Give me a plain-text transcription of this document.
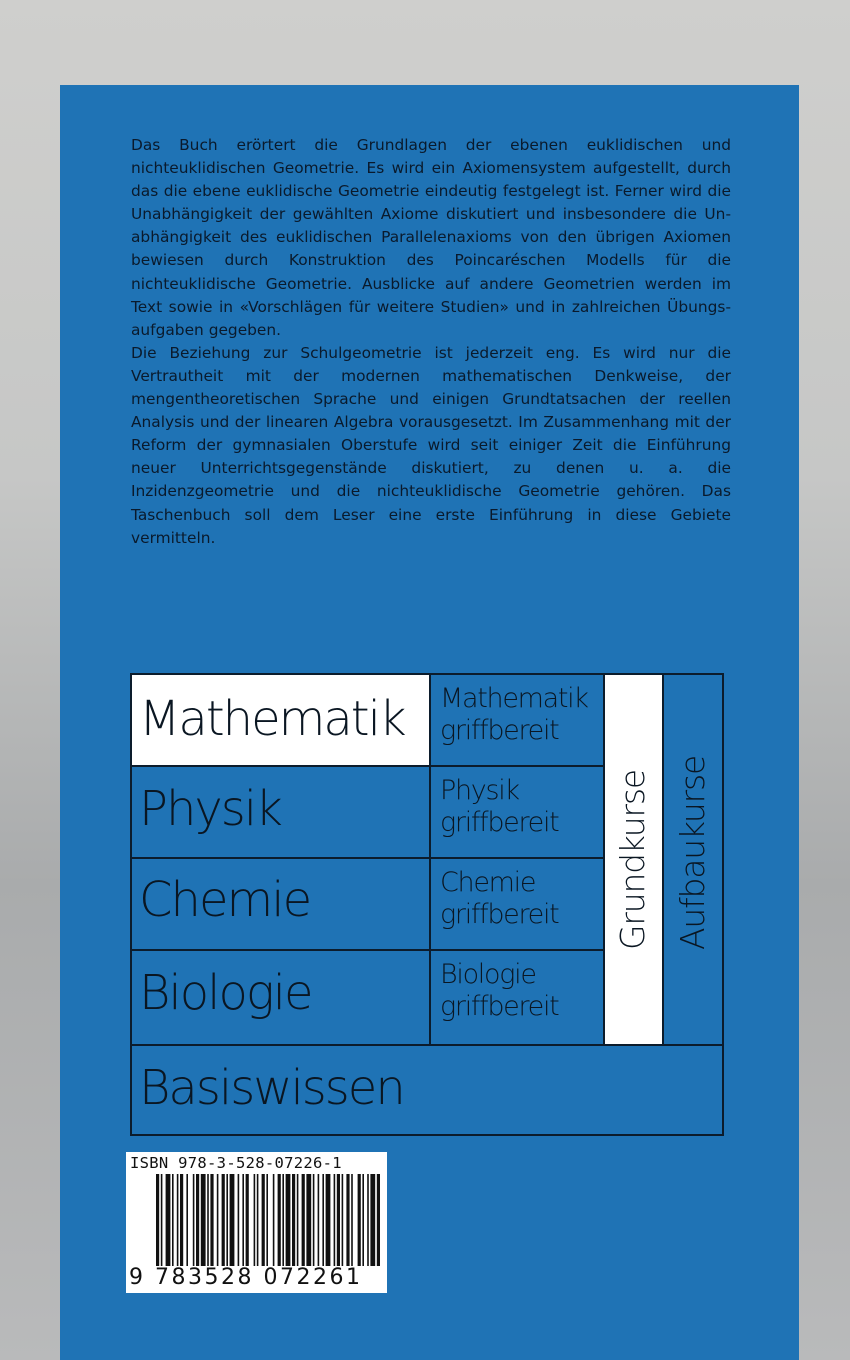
Das Buch erörtert die Grundlagen der ebenen euklidischen und nichteuklidischen Geometrie. Es wird ein Axiomensystem aufgestellt, durch das die ebene euklidische Geometrie eindeutig festgelegt ist. Ferner wird die Unabhängigkeit der gewählten Axiome diskutiert und insbesondere die Unabhängigkeit des euklidischen Parallelenaxioms von den übrigen Axiomen bewiesen durch Konstruktion des Poincaréschen Modells für die nichteuklidische Geometrie. Ausblicke auf andere Geometrien werden im Text sowie in «Vorschlägen für weitere Studien» und in zahlreichen Übungsaufgaben gegeben.

Die Beziehung zur Schulgeometrie ist jederzeit eng. Es wird nur die Vertrautheit mit der modernen mathematischen Denkweise, der mengentheoretischen Sprache und einigen Grundtatsachen der reellen Analysis und der linearen Algebra vorausgesetzt. Im Zusammenhang mit der Reform der gymnasialen Oberstufe wird seit einiger Zeit die Einführung neuer Unterrichtsgegenstände diskutiert, zu denen u. a. die Inzidenzgeometrie und die nichteuklidische Geometrie gehören. Das Taschenbuch soll dem Leser eine erste Einführung in diese Gebiete vermitteln.

Mathematik
Physik
Chemie
Biologie
Mathematik
griffbereit
Physik
griffbereit
Chemie
griffbereit
Biologie
griffbereit
Grundkurse Aufbaukurse
Basiswissen
ISBN 978-3-528-07226-1
9 783528 072261
